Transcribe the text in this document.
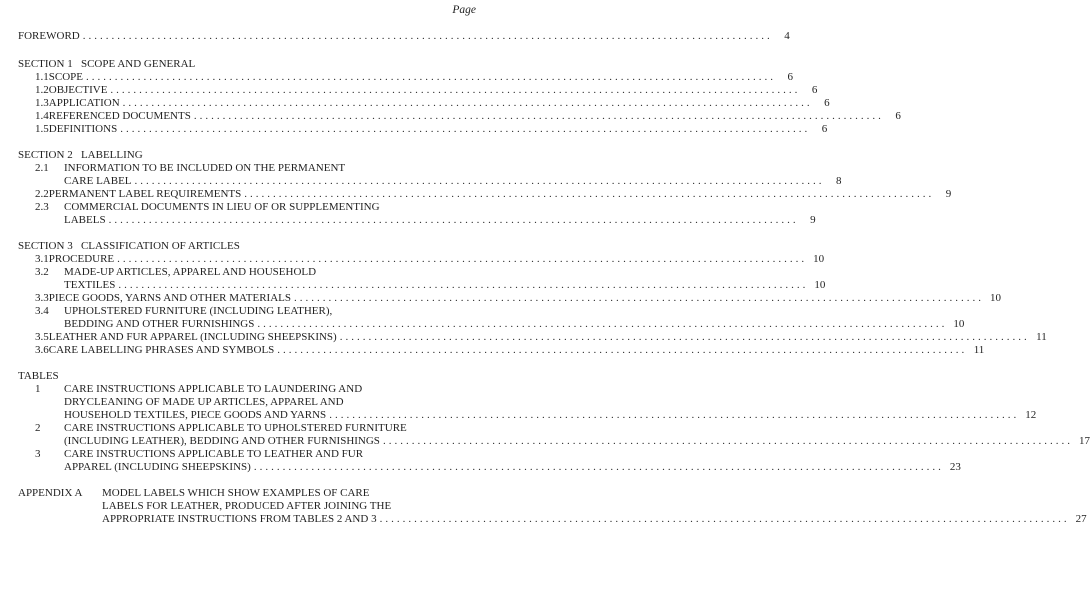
Page
FOREWORD ........................................................................................................................	4
SECTION 1 SCOPE AND GENERAL
1.1 SCOPE ........................................................................................................................	6
1.2 OBJECTIVE ........................................................................................................................	6
1.3 APPLICATION ........................................................................................................................	6
1.4 REFERENCED DOCUMENTS ........................................................................................................................	6
1.5 DEFINITIONS ........................................................................................................................	6
SECTION 2 LABELLING
2.1	INFORMATION TO BE INCLUDED ON THE PERMANENT
CARE LABEL ........................................................................................................................	8
2.2 PERMANENT LABEL REQUIREMENTS ........................................................................................................................	9
2.3	COMMERCIAL DOCUMENTS IN LIEU OF OR SUPPLEMENTING
LABELS ........................................................................................................................	9
SECTION 3 CLASSIFICATION OF ARTICLES
3.1 PROCEDURE ........................................................................................................................ 10
3.2	MADE-UP ARTICLES, APPAREL AND HOUSEHOLD
TEXTILES ........................................................................................................................ 10
3.3 PIECE GOODS, YARNS AND OTHER MATERIALS ........................................................................................................................ 10
3.4	UPHOLSTERED FURNITURE (INCLUDING LEATHER),
BEDDING AND OTHER FURNISHINGS ........................................................................................................................ 10
3.5 LEATHER AND FUR APPAREL (INCLUDING SHEEPSKINS) ........................................................................................................................ 11
3.6 CARE LABELLING PHRASES AND SYMBOLS ........................................................................................................................ 11
TABLES
1	CARE INSTRUCTIONS APPLICABLE TO LAUNDERING AND
DRYCLEANING OF MADE UP ARTICLES, APPAREL AND
HOUSEHOLD TEXTILES, PIECE GOODS AND YARNS ........................................................................................................................ 12
2	CARE INSTRUCTIONS APPLICABLE TO UPHOLSTERED FURNITURE
(INCLUDING LEATHER), BEDDING AND OTHER FURNISHINGS ........................................................................................................................ 17
3	CARE INSTRUCTIONS APPLICABLE TO LEATHER AND FUR
APPAREL (INCLUDING SHEEPSKINS) ........................................................................................................................ 23
APPENDIX A	MODEL LABELS WHICH SHOW EXAMPLES OF CARE
LABELS FOR LEATHER, PRODUCED AFTER JOINING THE
APPROPRIATE INSTRUCTIONS FROM TABLES 2 AND 3 ........................................................................................................................ 27
